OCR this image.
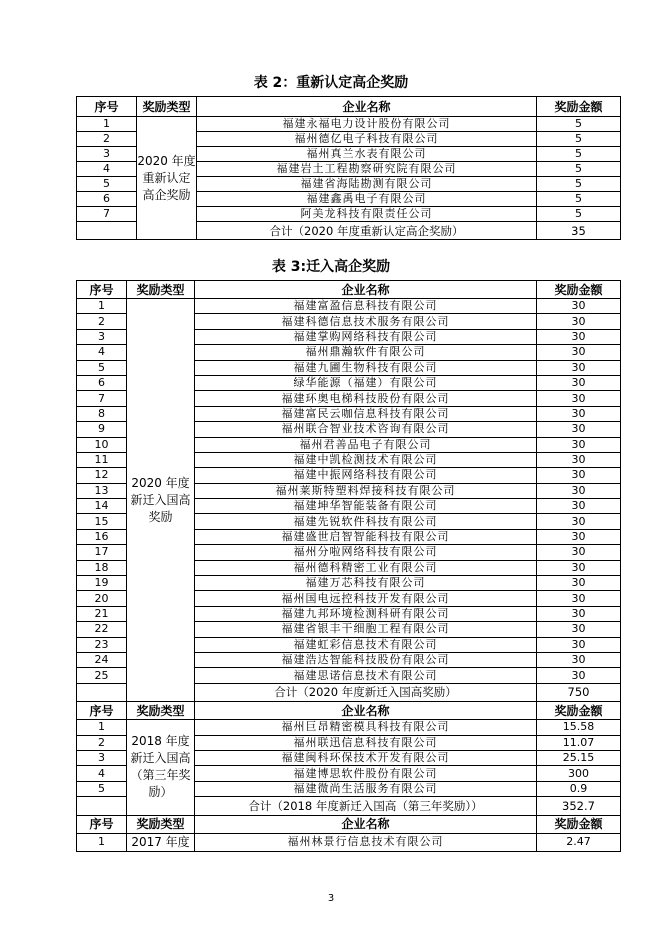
表 2：重新认定高企奖励
序号	奖励类型	企业名称	奖励金额
1	2020 年度
重新认定
高企奖励	福建永福电力设计股份有限公司	5
2		福州德亿电子科技有限公司	5
3		福州真兰水表有限公司	5
4		福建岩土工程勘察研究院有限公司	5
5		福建省海陆勘测有限公司	5
6		福建鑫禹电子有限公司	5
7		阿美龙科技有限责任公司	5
		合计（2020 年度重新认定高企奖励）	35
表 3:迁入高企奖励
序号	奖励类型	企业名称	奖励金额
1	2020 年度
新迁入国高
奖励	福建富盈信息科技有限公司	30
2		福建科德信息技术服务有限公司	30
3		福建掌购网络科技有限公司	30
4		福州鼎瀚软件有限公司	30
5		福建九圃生物科技有限公司	30
6		绿华能源（福建）有限公司	30
7		福建环奥电梯科技股份有限公司	30
8		福建富民云咖信息科技有限公司	30
9		福州联合智业技术咨询有限公司	30
10		福州君善品电子有限公司	30
11		福建中凯检测技术有限公司	30
12		福建中振网络科技有限公司	30
13		福州莱斯特塑料焊接科技有限公司	30
14		福建坤华智能装备有限公司	30
15		福建先锐软件科技有限公司	30
16		福建盛世启智智能科技有限公司	30
17		福州分啦网络科技有限公司	30
18		福州德科精密工业有限公司	30
19		福建万芯科技有限公司	30
20		福州国电远控科技开发有限公司	30
21		福建九邦环境检测科研有限公司	30
22		福建省银丰干细胞工程有限公司	30
23		福建虹彩信息技术有限公司	30
24		福建浩达智能科技股份有限公司	30
25		福建思诺信息技术有限公司	30
		合计（2020 年度新迁入国高奖励）	750
序号	奖励类型	企业名称	奖励金额
1	2018 年度
新迁入国高
（第三年奖
励）	福州巨昂精密模具科技有限公司	15.58
2		福州联迅信息科技有限公司	11.07
3		福建闽科环保技术开发有限公司	25.15
4		福建博思软件股份有限公司	300
5		福建微尚生活服务有限公司	0.9
		合计（2018 年度新迁入国高（第三年奖励））	352.7
序号	奖励类型	企业名称	奖励金额
1	2017 年度	福州林景行信息技术有限公司	2.47
3
